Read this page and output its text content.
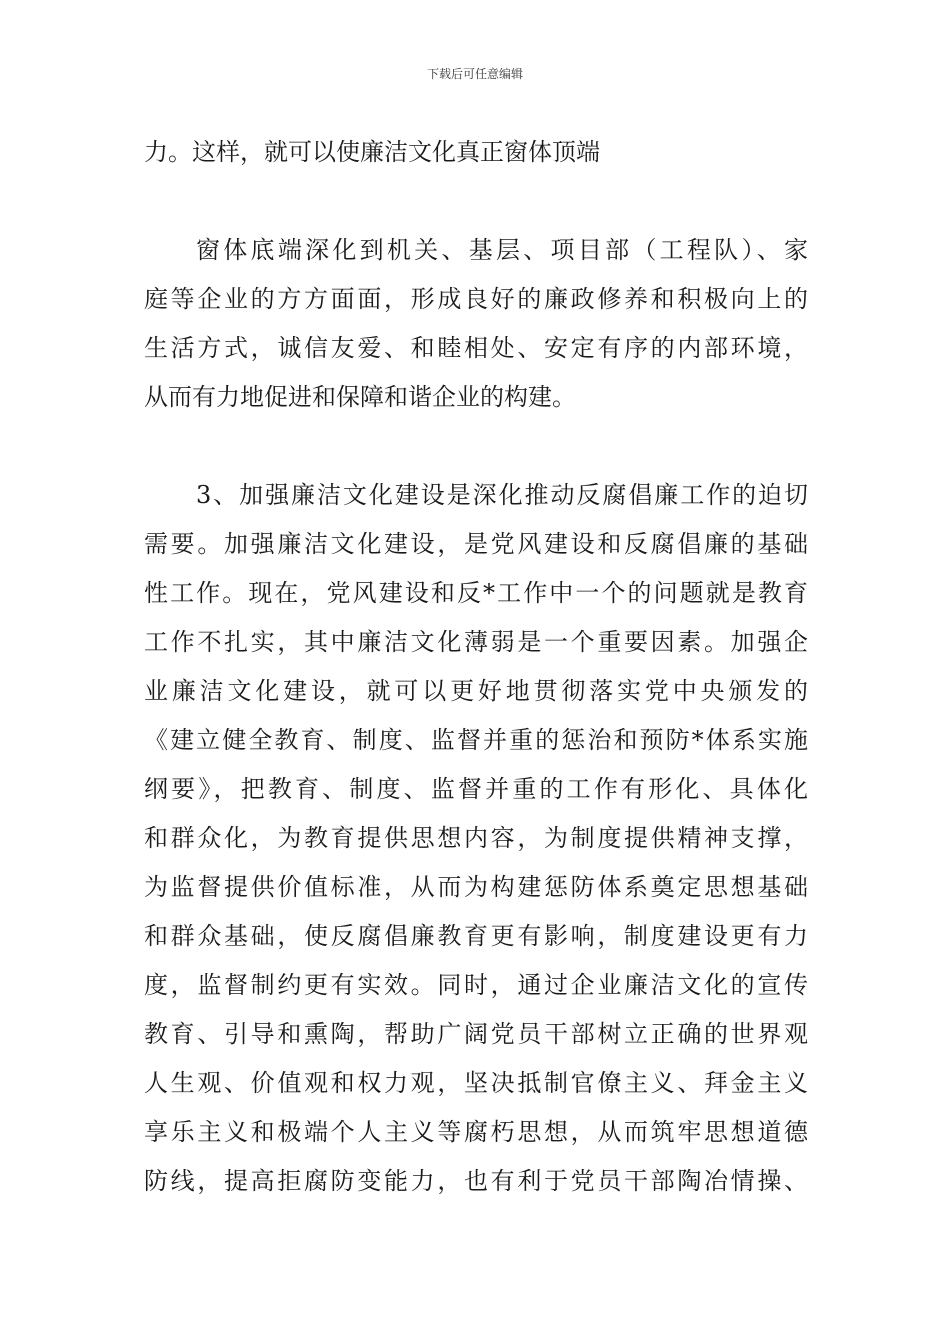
下载后可任意编辑
力。这样，就可以使廉洁文化真正窗体顶端
窗体底端深化到机关、基层、项目部（工程队）、家
庭等企业的方方面面，形成良好的廉政修养和积极向上的
生活方式，诚信友爱、和睦相处、安定有序的内部环境，
从而有力地促进和保障和谐企业的构建。
3、加强廉洁文化建设是深化推动反腐倡廉工作的迫切
需要。加强廉洁文化建设，是党风建设和反腐倡廉的基础
性工作。现在，党风建设和反*工作中一个的问题就是教育
工作不扎实，其中廉洁文化薄弱是一个重要因素。加强企
业廉洁文化建设，就可以更好地贯彻落实党中央颁发的
《建立健全教育、制度、监督并重的惩治和预防*体系实施
纲要》，把教育、制度、监督并重的工作有形化、具体化
和群众化，为教育提供思想内容，为制度提供精神支撑，
为监督提供价值标准，从而为构建惩防体系奠定思想基础
和群众基础，使反腐倡廉教育更有影响，制度建设更有力
度，监督制约更有实效。同时，通过企业廉洁文化的宣传
教育、引导和熏陶，帮助广阔党员干部树立正确的世界观
人生观、价值观和权力观，坚决抵制官僚主义、拜金主义
享乐主义和极端个人主义等腐朽思想，从而筑牢思想道德
防线，提高拒腐防变能力，也有利于党员干部陶冶情操、
